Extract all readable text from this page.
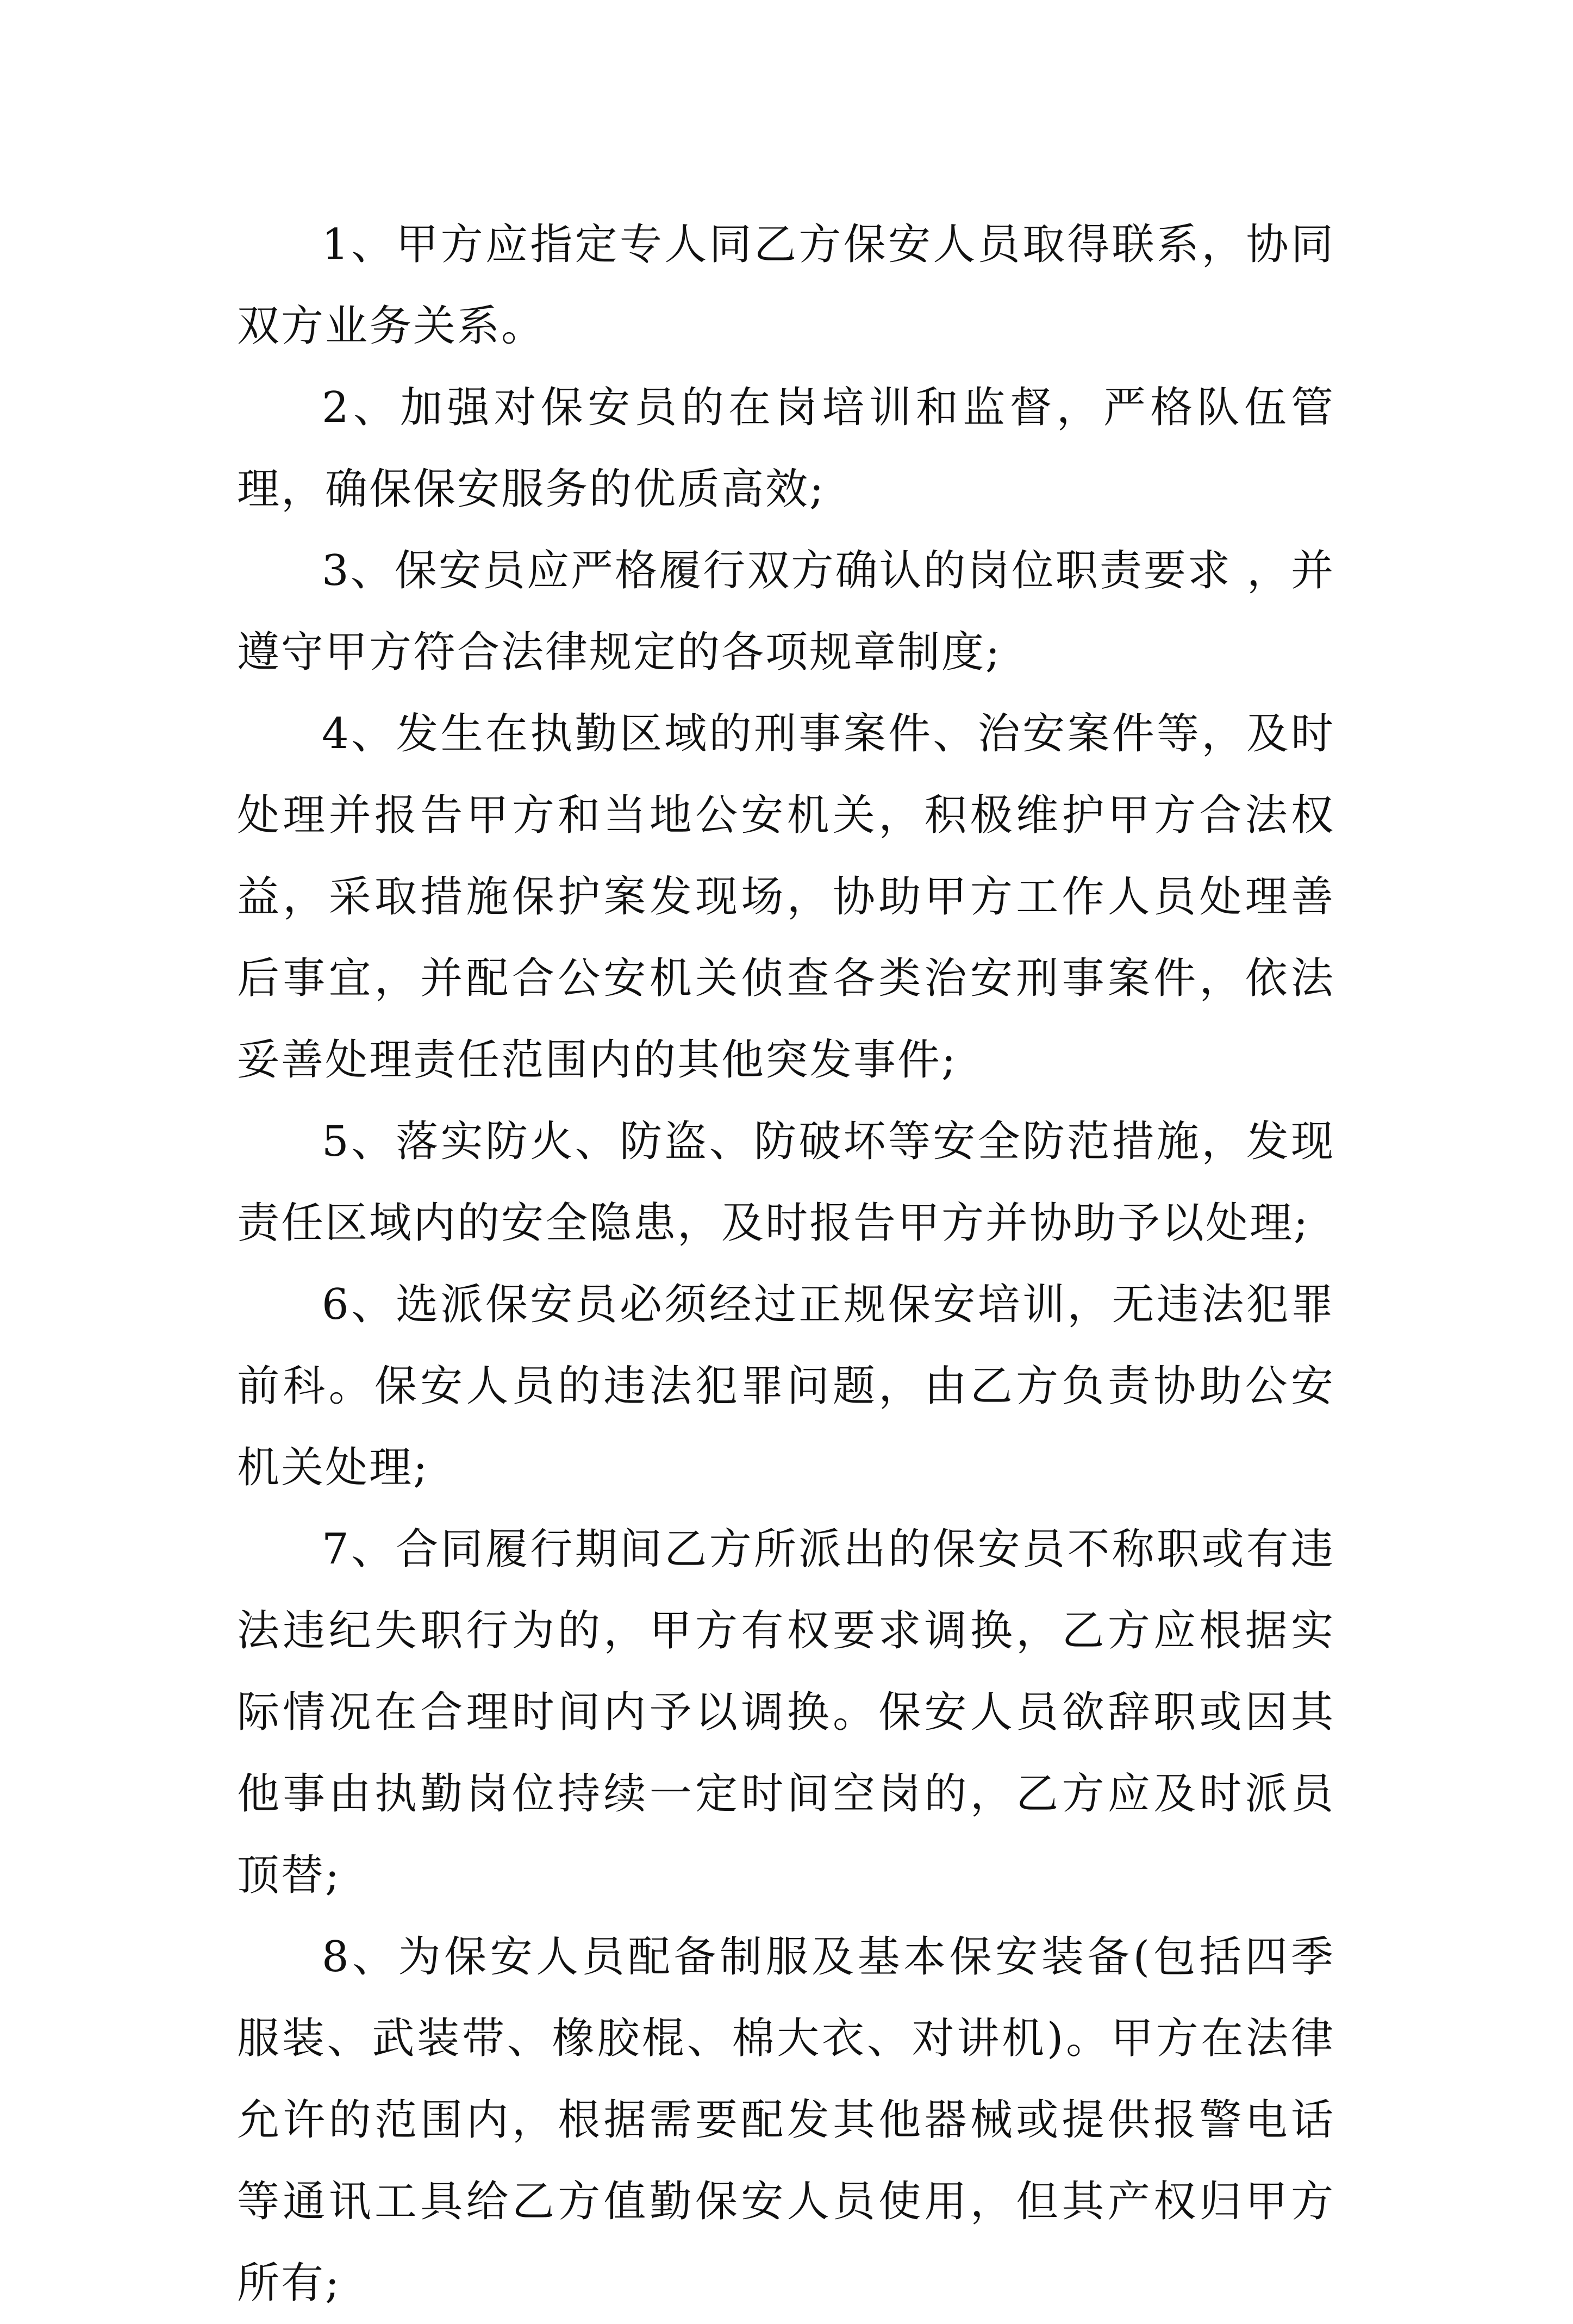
1、甲方应指定专人同乙方保安人员取得联系，协同双方业务关系。

2、加强对保安员的在岗培训和监督，严格队伍管理，确保保安服务的优质高效;

3、保安员应严格履行双方确认的岗位职责要求 ，并遵守甲方符合法律规定的各项规章制度;

4、发生在执勤区域的刑事案件、治安案件等，及时处理并报告甲方和当地公安机关，积极维护甲方合法权益，采取措施保护案发现场，协助甲方工作人员处理善后事宜，并配合公安机关侦查各类治安刑事案件，依法妥善处理责任范围内的其他突发事件;

5、落实防火、防盗、防破坏等安全防范措施，发现责任区域内的安全隐患，及时报告甲方并协助予以处理;

6、选派保安员必须经过正规保安培训，无违法犯罪前科。保安人员的违法犯罪问题，由乙方负责协助公安机关处理;

7、合同履行期间乙方所派出的保安员不称职或有违法违纪失职行为的，甲方有权要求调换，乙方应根据实际情况在合理时间内予以调换。保安人员欲辞职或因其他事由执勤岗位持续一定时间空岗的，乙方应及时派员顶替;

8、为保安人员配备制服及基本保安装备(包括四季服装、武装带、橡胶棍、棉大衣、对讲机)。甲方在法律允许的范围内，根据需要配发其他器械或提供报警电话等通讯工具给乙方值勤保安人员使用，但其产权归甲方所有;
